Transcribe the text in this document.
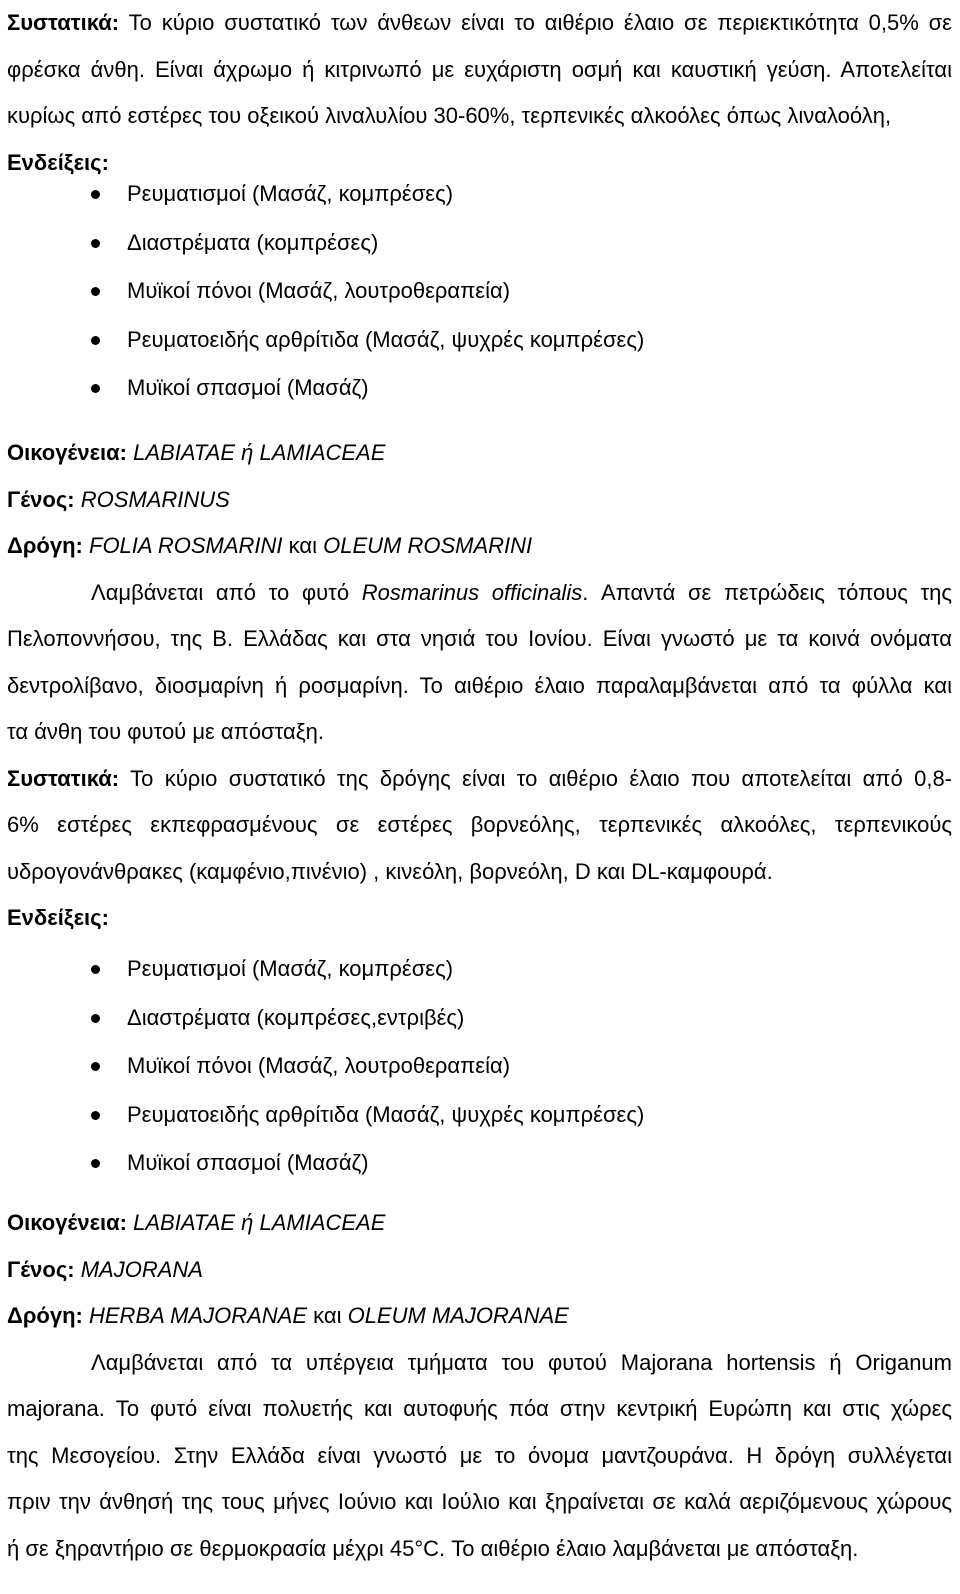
Συστατικά: Το κύριο συστατικό των άνθεων είναι το αιθέριο έλαιο σε περιεκτικότητα 0,5% σε

φρέσκα άνθη. Είναι άχρωμο ή κιτρινωπό με ευχάριστη οσμή και καυστική γεύση. Αποτελείται

κυρίως από εστέρες του οξεικού λιναλυλίου 30-60%, τερπενικές αλκοόλες όπως λιναλοόλη,

Ενδείξεις:

Ρευματισμοί (Μασάζ, κομπρέσες)
Διαστρέματα (κομπρέσες)
Μυϊκοί πόνοι (Μασάζ, λουτροθεραπεία)
Ρευματοειδής αρθρίτιδα (Μασάζ, ψυχρές κομπρέσες)
Μυϊκοί σπασμοί (Μασάζ)

Οικογένεια: LABIATAE ή LAMIACEAE

Γένος: ROSMARINUS

Δρόγη: FOLIA ROSMARINI και OLEUM ROSMARINI

Λαμβάνεται από το φυτό Rosmarinus officinalis. Απαντά σε πετρώδεις τόπους της

Πελοποννήσου, της Β. Ελλάδας και στα νησιά του Ιονίου. Είναι γνωστό με τα κοινά ονόματα

δεντρολίβανο, διοσμαρίνη ή ροσμαρίνη. Το αιθέριο έλαιο παραλαμβάνεται από τα φύλλα και

τα άνθη του φυτού με απόσταξη.

Συστατικά: Το κύριο συστατικό της δρόγης είναι το αιθέριο έλαιο που αποτελείται από 0,8-

6% εστέρες εκπεφρασμένους σε εστέρες βορνεόλης, τερπενικές αλκοόλες, τερπενικούς

υδρογονάνθρακες (καμφένιο,πινένιο) , κινεόλη, βορνεόλη, D και DL-καμφουρά.

Ενδείξεις:

Ρευματισμοί (Μασάζ, κομπρέσες)
Διαστρέματα (κομπρέσες,εντριβές)
Μυϊκοί πόνοι (Μασάζ, λουτροθεραπεία)
Ρευματοειδής αρθρίτιδα (Μασάζ, ψυχρές κομπρέσες)
Μυϊκοί σπασμοί (Μασάζ)

Οικογένεια: LABIATAE ή LAMIACEAE

Γένος: MAJORANA

Δρόγη: HERBA MAJORANAE και OLEUM MAJORANAE

Λαμβάνεται από τα υπέργεια τμήματα του φυτού Majorana hortensis ή Origanum

majorana. Το φυτό είναι πολυετής και αυτοφυής πόα στην κεντρική Ευρώπη και στις χώρες

της Μεσογείου. Στην Ελλάδα είναι γνωστό με το όνομα μαντζουράνα. Η δρόγη συλλέγεται

πριν την άνθησή της τους μήνες Ιούνιο και Ιούλιο και ξηραίνεται σε καλά αεριζόμενους χώρους

ή σε ξηραντήριο σε θερμοκρασία μέχρι 45°C. Το αιθέριο έλαιο λαμβάνεται με απόσταξη.
